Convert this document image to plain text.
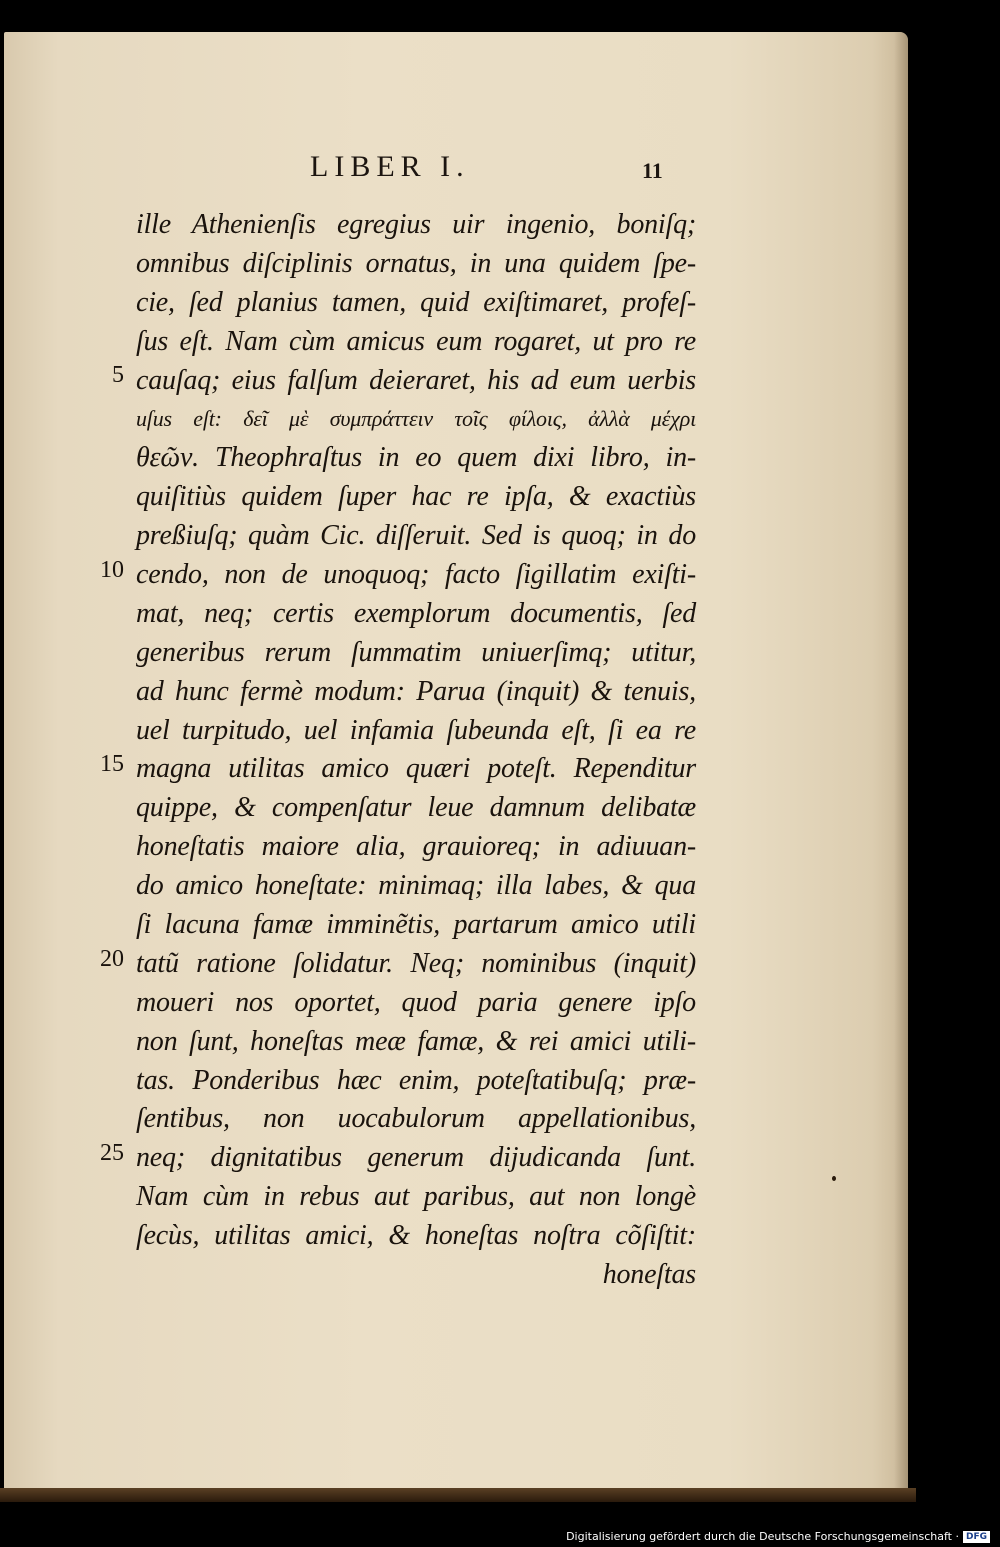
LIBER I.	11
5
10
15
20
25
ille Athenienſis egregius uir ingenio, boniſq;
omnibus diſciplinis ornatus, in una quidem ſpe-
cie, ſed planius tamen, quid exiſtimaret, profeſ-
ſus eſt. Nam cùm amicus eum rogaret, ut pro re
cauſaq; eius falſum deieraret, his ad eum uerbis
uſus eſt: δεῖ μὲ συμπράττειν τοῖς φίλοις, ἀλλὰ μέχρι
θεῶν. Theophraſtus in eo quem dixi libro, in-
quiſitiùs quidem ſuper hac re ipſa, & exactiùs
preßiuſq; quàm Cic. diſſeruit. Sed is quoq; in do
cendo, non de unoquoq; facto ſigillatim exiſti-
mat, neq; certis exemplorum documentis, ſed
generibus rerum ſummatim uniuerſimq; utitur,
ad hunc fermè modum: Parua (inquit) & tenuis,
uel turpitudo, uel infamia ſubeunda eſt, ſi ea re
magna utilitas amico quæri poteſt. Rependitur
quippe, & compenſatur leue damnum delibatæ
honeſtatis maiore alia, grauioreq; in adiuuan-
do amico honeſtate: minimaq; illa labes, & qua
ſi lacuna famæ imminẽtis, partarum amico utili
tatũ ratione ſolidatur. Neq; nominibus (inquit)
moueri nos oportet, quod paria genere ipſo
non ſunt, honeſtas meæ famæ, & rei amici utili-
tas. Ponderibus hæc enim, poteſtatibuſq; præ-
ſentibus, non uocabulorum appellationibus,
neq; dignitatibus generum dijudicanda ſunt.
Nam cùm in rebus aut paribus, aut non longè
ſecùs, utilitas amici, & honeſtas noſtra cõſiſtit:
honeſtas
Digitalisierung gefördert durch die Deutsche Forschungsgemeinschaft · DFG
